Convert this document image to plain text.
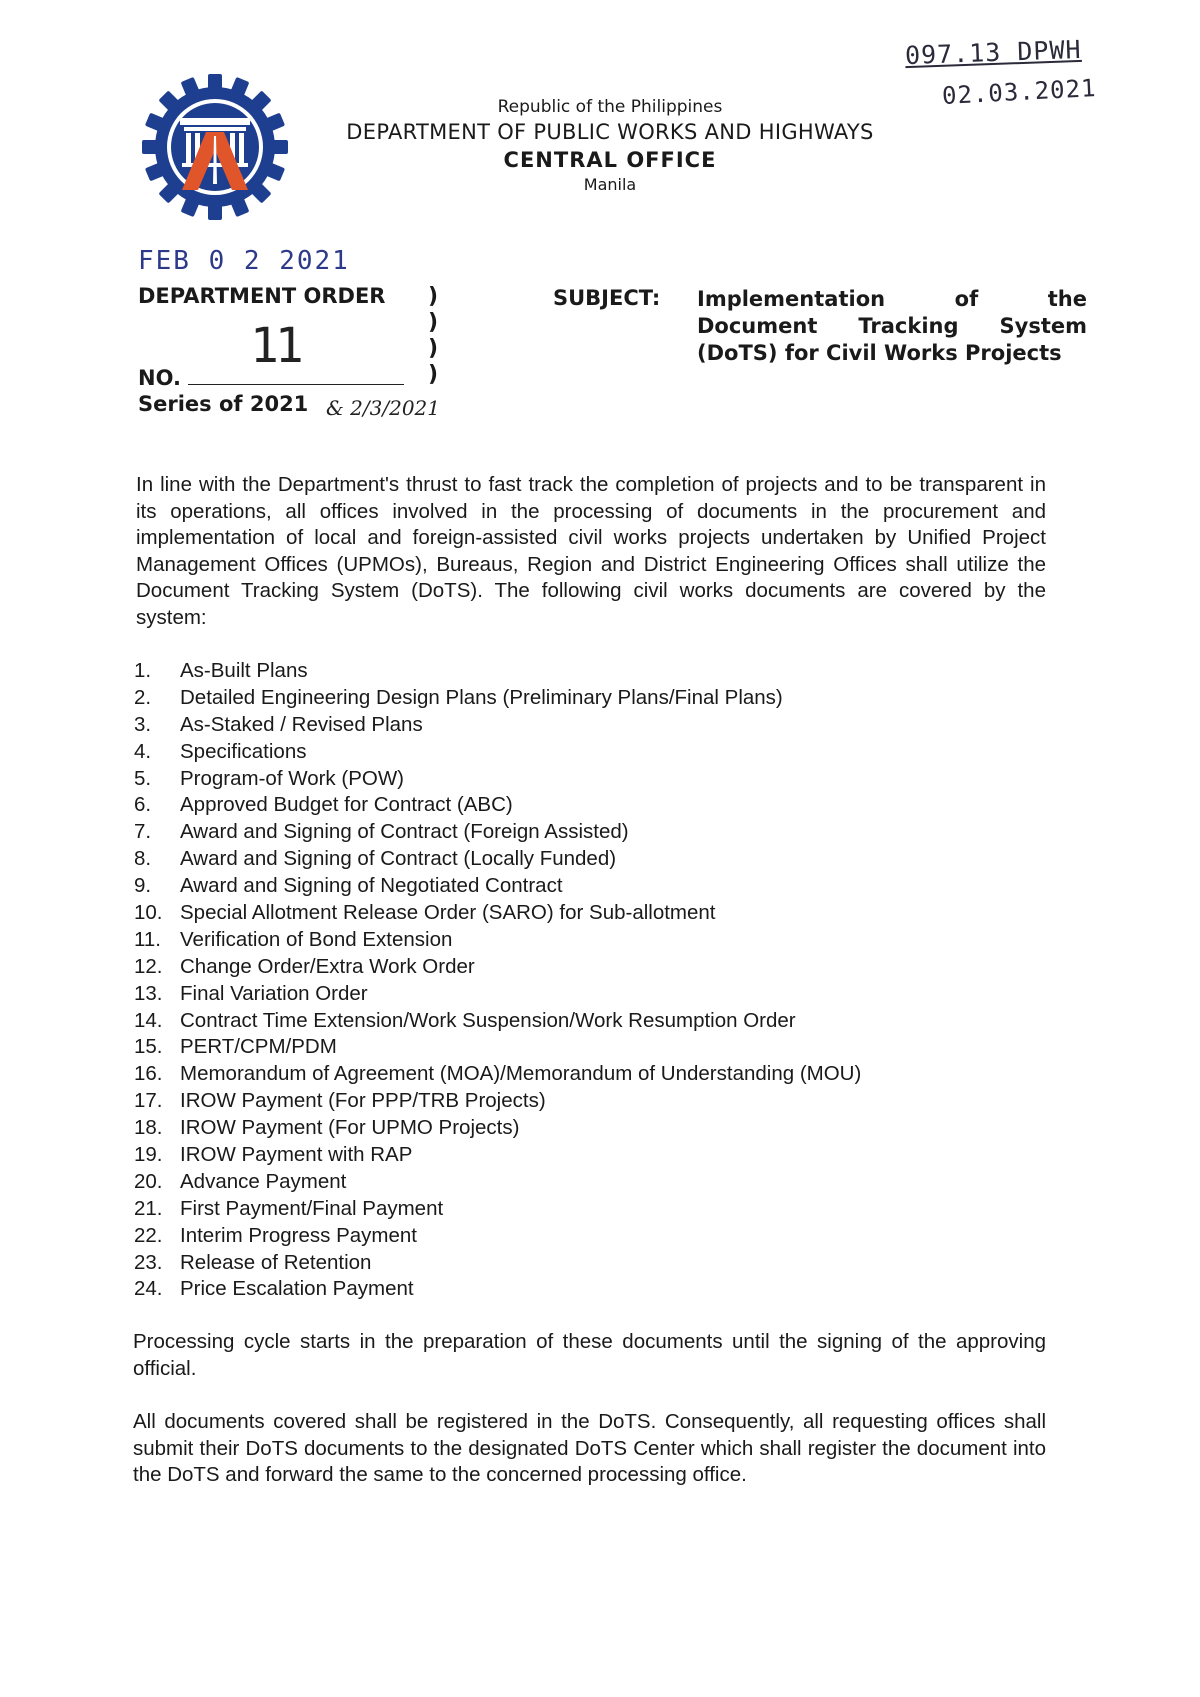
097.13 DPWH
02.03.2021
Republic of the Philippines
DEPARTMENT OF PUBLIC WORKS AND HIGHWAYS
CENTRAL OFFICE
Manila
FEB 0 2 2021
DEPARTMENT ORDER )
)
)
)
11
NO.
Series of 2021 & 2/3/2021
SUBJECT: Implementation of the Document Tracking System (DoTS) for Civil Works Projects
In line with the Department's thrust to fast track the completion of projects and to be transparent in its operations, all offices involved in the processing of documents in the procurement and implementation of local and foreign-assisted civil works projects undertaken by Unified Project Management Offices (UPMOs), Bureaus, Region and District Engineering Offices shall utilize the Document Tracking System (DoTS). The following civil works documents are covered by the system:
1. As-Built Plans
2. Detailed Engineering Design Plans (Preliminary Plans/Final Plans)
3. As-Staked / Revised Plans
4. Specifications
5. Program-of Work (POW)
6. Approved Budget for Contract (ABC)
7. Award and Signing of Contract (Foreign Assisted)
8. Award and Signing of Contract (Locally Funded)
9. Award and Signing of Negotiated Contract
10. Special Allotment Release Order (SARO) for Sub-allotment
11. Verification of Bond Extension
12. Change Order/Extra Work Order
13. Final Variation Order
14. Contract Time Extension/Work Suspension/Work Resumption Order
15. PERT/CPM/PDM
16. Memorandum of Agreement (MOA)/Memorandum of Understanding (MOU)
17. IROW Payment (For PPP/TRB Projects)
18. IROW Payment (For UPMO Projects)
19. IROW Payment with RAP
20. Advance Payment
21. First Payment/Final Payment
22. Interim Progress Payment
23. Release of Retention
24. Price Escalation Payment
Processing cycle starts in the preparation of these documents until the signing of the approving official.
All documents covered shall be registered in the DoTS. Consequently, all requesting offices shall submit their DoTS documents to the designated DoTS Center which shall register the document into the DoTS and forward the same to the concerned processing office.
